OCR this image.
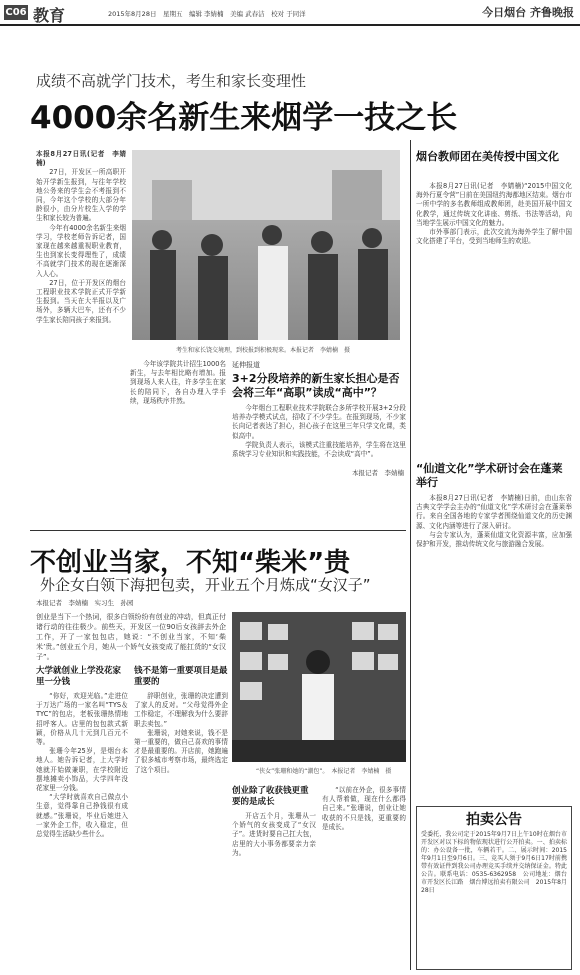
C06 教育	2015年8月28日　星期五　编辑 李婧楠　美编 武春洁　校对 于同洋	今日烟台 齐鲁晚报
成绩不高就学门技术，考生和家长变理性
4000余名新生来烟学一技之长
本报8月27日讯(记者　李婧楠)

27日，开发区一所高职开始开学新生报到，与往年学校地公务来的学生会不考报到不同，今年这个学校的大部分年龄很小，由分片校生入学的学生和家长较为普遍。

今年有4000余名新生来烟学习，学校老师告诉记者，国家现在越来越重视职业教育，生也到家长变得理性了，成绩不高就学门技术的现在逐渐深入人心。

27日，位于开发区的烟台工程职业技术学院正式开学新生报到。当天在大半报以及广场外，多辆大巴车，还有不少学生家长陪同孩子来报到。

考生和家长饶交境理，到校报到积极现来。本报记者　李婧楠　摄

今年该学院共计招生1000名新生，与去年相比略有增加。报到现场人来人往，许多学生在家长的陪同下，各自办理入学手续，现场秩序井然。

延伸报道
3+2分段培养的新生家长担心是否会将三年“高职”读成“高中”？

今年烟台工程职业技术学院联合多所学校开展3+2分段培养办学模式试点，招收了不少学生。在报到现场，不少家长向记者表达了担心，担心孩子在这里三年只学文化课，类似高中。

学院负责人表示，该模式注重技能培养，学生将在这里系统学习专业知识和实践技能，不会读成“高中”。

本报记者　李婧楠
烟台教师团在美传授中国文化

本报8月27日讯(记者　李婧楠)“2015中国文化海外行夏令营”日前在美国纽约海都地区结束。烟台市一所中学的多名教师组成教师团，赴美国开展中国文化教学，通过传统文化讲座、剪纸、书法等活动，向当地学生展示中国文化的魅力。

市外事部门表示，此次交流为海外学生了解中国文化搭建了平台，受到当地师生的欢迎。

“仙道文化”学术研讨会在蓬莱举行

本报8月27日讯(记者　李婧楠)日前，由山东省古典文学学会主办的“仙道文化”学术研讨会在蓬莱举行。来自全国各地的专家学者围绕仙道文化的历史渊源、文化内涵等进行了深入研讨。

与会专家认为，蓬莱仙道文化资源丰富，应加强保护和开发，推动传统文化与旅游融合发展。

拍卖公告
受委托，我公司定于2015年9月7日上午10时在烟台市开发区对以下标的物依现状进行公开拍卖。一、拍卖标的：办公设备一批，车辆若干。二、展示时间：2015年9月1日至9月6日。三、竞买人须于9月6日17时前携带有效证件到我公司办理竞买手续并交纳保证金。特此公告。联系电话：0535-6362958　公司地址：烟台市开发区长江路　烟台博远拍卖有限公司　2015年8月28日
不创业当家，不知“柴米”贵
外企女白领下海把包卖，开业五个月炼成“女汉子”
本报记者　李婧楠　实习生　孙园
创业是当下一个热词，很多白领纷纷有创业的冲动，但真正付诸行动的往往极少。前些天，开发区一位90后女孩辞去外企工作，开了一家包包店，她说：“不创业当家，不知‘柴米’贵。”创业五个月，她从一个娇气女孩变成了能扛货的“女汉子”。
“侠女”张珊和她的“潮包”。　本报记者　李婧楠　摄
大学就创业上学没花家里一分钱

“你好，欢迎光临。”走进位于万达广场的一家名叫“TYS＆TYC”的包店，老板张珊热情地招呼客人。店里的包包款式新颖，价格从几十元到几百元不等。

张珊今年25岁，是烟台本地人。她告诉记者，上大学时她就开始做兼职，在学校附近摆地摊卖小饰品，大学四年没花家里一分钱。

“大学时就喜欢自己做点小生意，觉得靠自己挣钱很有成就感。”张珊说，毕业后她进入一家外企工作，收入稳定，但总觉得生活缺少些什么。

钱不是第一重要项目是最重要的

辞职创业，张珊的决定遭到了家人的反对。“父母觉得外企工作稳定，不理解我为什么要辞职去卖包。”

张珊说，对她来说，钱不是第一重要的，做自己喜欢的事情才是最重要的。开店前，她跑遍了很多城市考察市场，最终选定了这个项目。

创业除了收获钱更重要的是成长

开店五个月，张珊从一个娇气的女孩变成了“女汉子”。进货时要自己扛大包，店里的大小事务都要亲力亲为。

“以前在外企，很多事情有人帮着做，现在什么都得自己来。”张珊说，创业让她收获的不只是钱，更重要的是成长。
